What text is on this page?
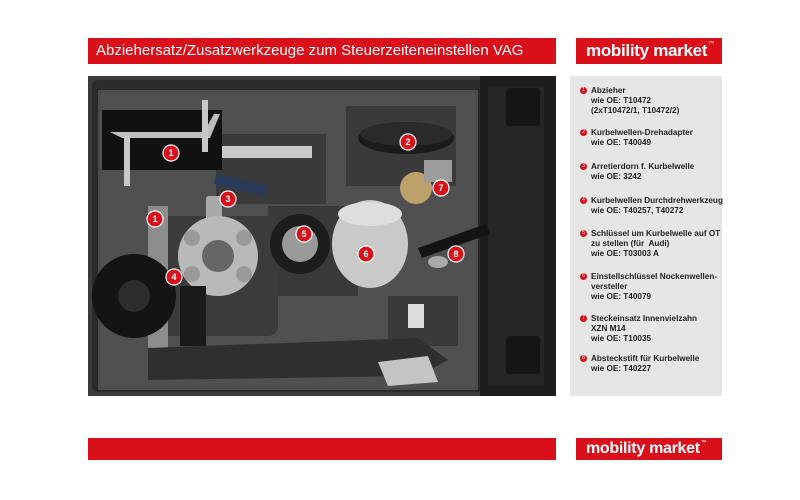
Abziehersatz/Zusatzwerkzeuge zum Steuerzeiteneinstellen VAG	mobility market™
1
1
2
3
4
5
6
7
8
1 Abzieher
wie OE: T10472
(2xT10472/1, T10472/2)
2 Kurbelwellen-Drehadapter
wie OE: T40049
3 Arretierdorn f. Kurbelwelle
wie OE: 3242
4 Kurbelwellen Durchdrehwerkzeug
wie OE: T40257, T40272
5 Schlüssel um Kurbelwelle auf OT
zu stellen (für  Audi)
wie OE: T03003 A
6 Einstellschlüssel Nockenwellen-
versteller
wie OE: T40079
7 Steckeinsatz Innenvielzahn
XZN M14
wie OE: T10035
8 Absteckstift für Kurbelwelle
wie OE: T40227
mobility market™
